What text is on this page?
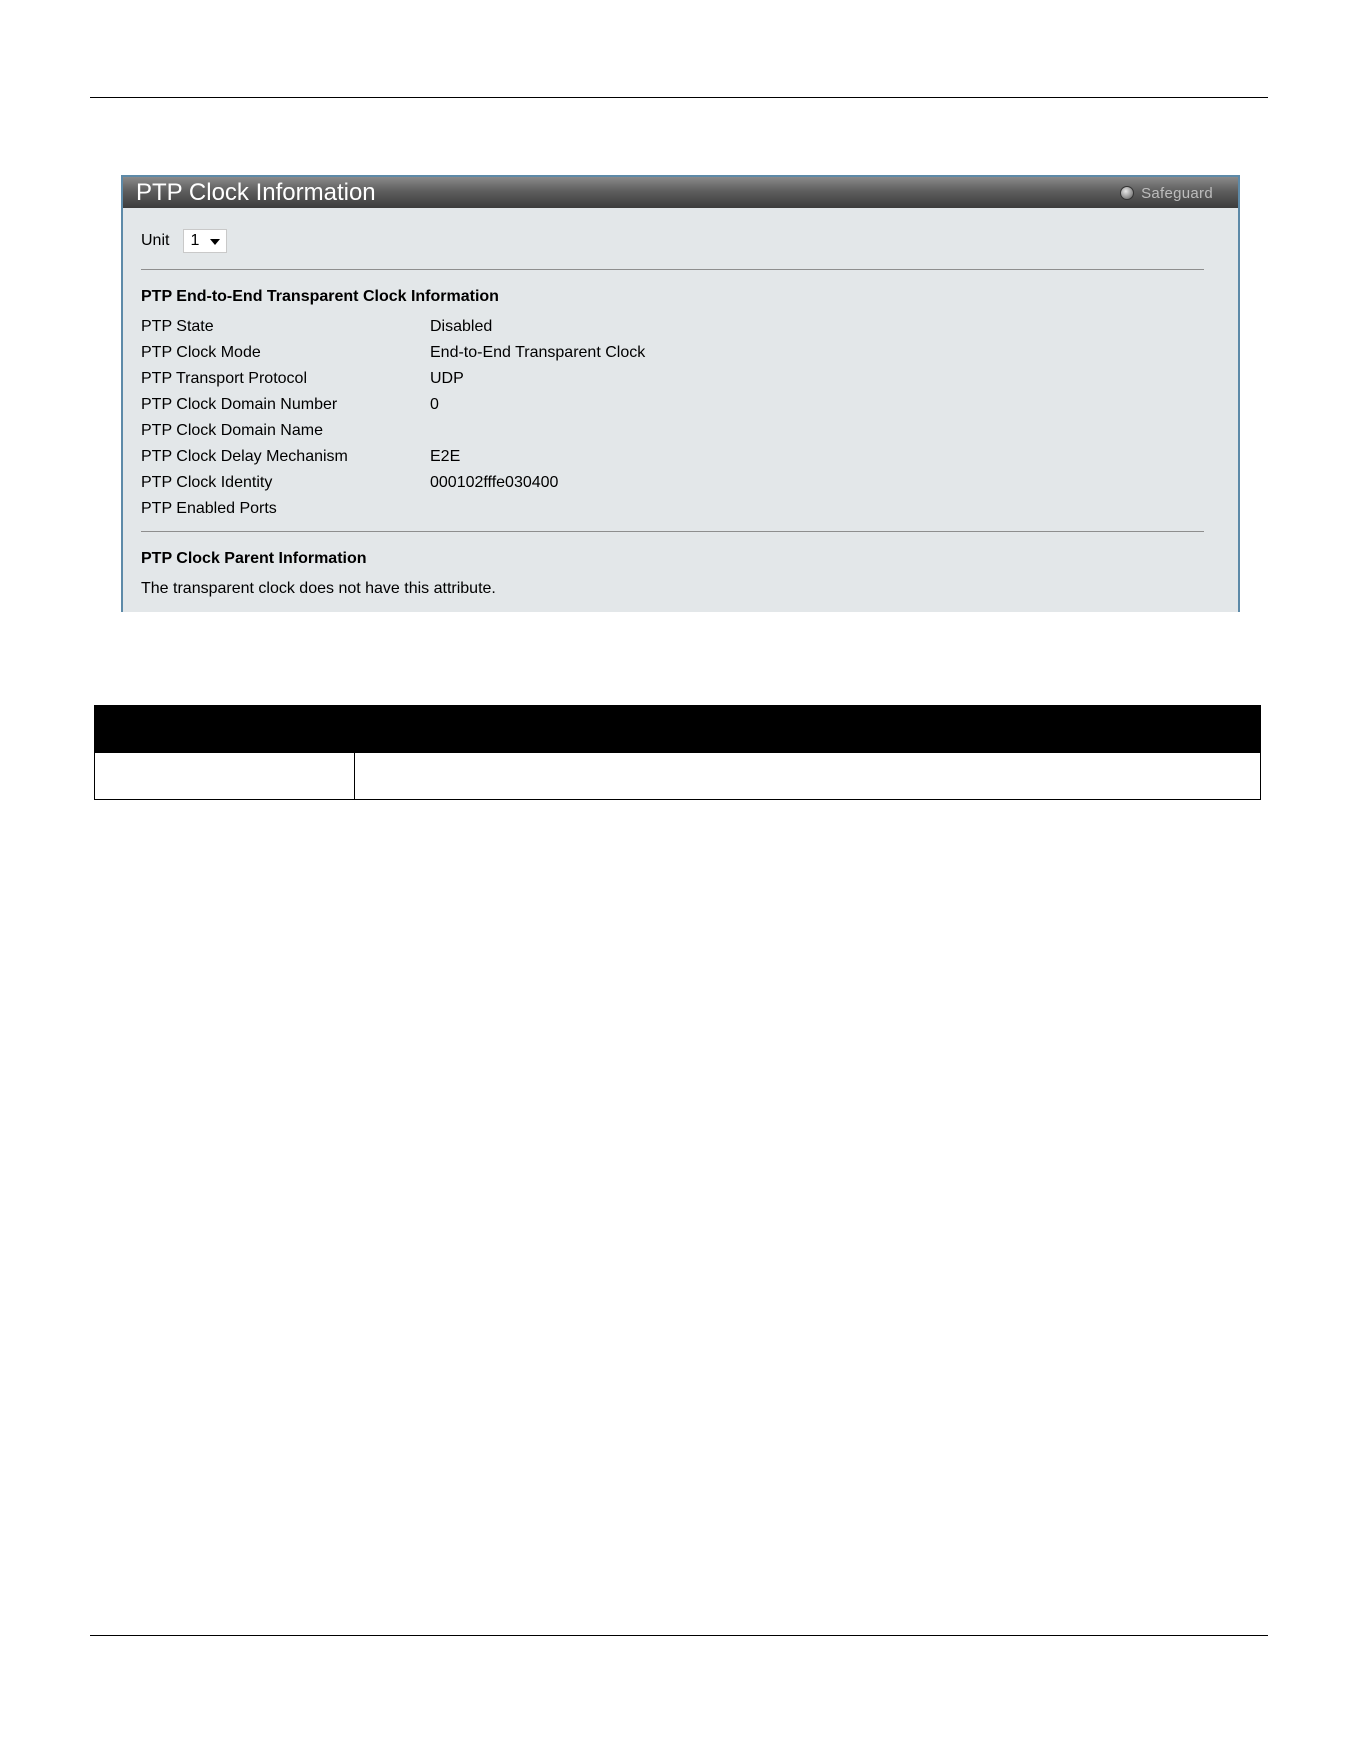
PTP Clock Information	Safeguard
Unit 1
PTP End-to-End Transparent Clock Information
PTP State	Disabled
PTP Clock Mode	End-to-End Transparent Clock
PTP Transport Protocol	UDP
PTP Clock Domain Number	0
PTP Clock Domain Name
PTP Clock Delay Mechanism	E2E
PTP Clock Identity	000102fffe030400
PTP Enabled Ports
PTP Clock Parent Information
The transparent clock does not have this attribute.
